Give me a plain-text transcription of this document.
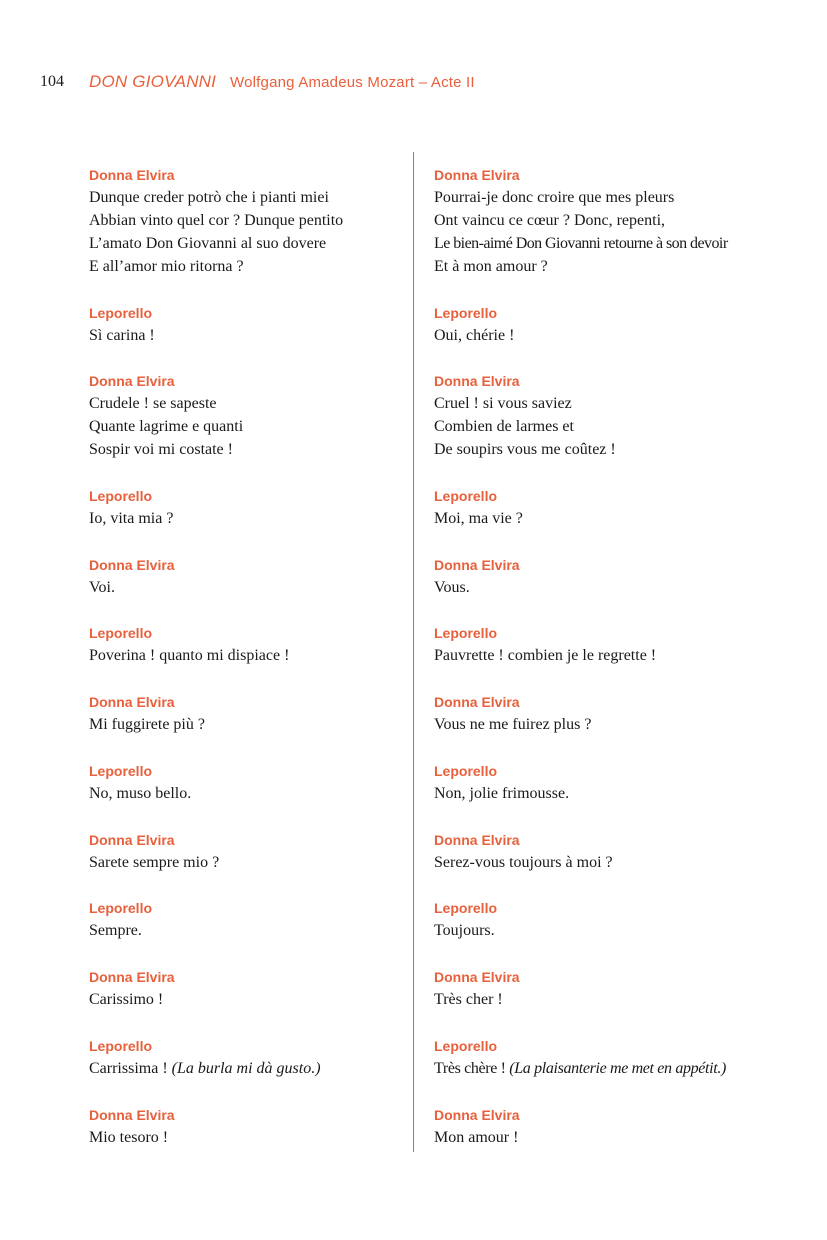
104 DON GIOVANNI Wolfgang Amadeus Mozart – Acte II
Donna Elvira
Dunque creder potrò che i pianti miei
Abbian vinto quel cor ? Dunque pentito
L’amato Don Giovanni al suo dovere
E all’amor mio ritorna ?
Leporello
Sì carina !
Donna Elvira
Crudele ! se sapeste
Quante lagrime e quanti
Sospir voi mi costate !
Leporello
Io, vita mia ?
Donna Elvira
Voi.
Leporello
Poverina ! quanto mi dispiace !
Donna Elvira
Mi fuggirete più ?
Leporello
No, muso bello.
Donna Elvira
Sarete sempre mio ?
Leporello
Sempre.
Donna Elvira
Carissimo !
Leporello
Carrissima ! (La burla mi dà gusto.)
Donna Elvira
Mio tesoro !
Donna Elvira
Pourrai-je donc croire que mes pleurs
Ont vaincu ce cœur ? Donc, repenti,
Le bien-aimé Don Giovanni retourne à son devoir
Et à mon amour ?
Leporello
Oui, chérie !
Donna Elvira
Cruel ! si vous saviez
Combien de larmes et
De soupirs vous me coûtez !
Leporello
Moi, ma vie ?
Donna Elvira
Vous.
Leporello
Pauvrette ! combien je le regrette !
Donna Elvira
Vous ne me fuirez plus ?
Leporello
Non, jolie frimousse.
Donna Elvira
Serez-vous toujours à moi ?
Leporello
Toujours.
Donna Elvira
Très cher !
Leporello
Très chère ! (La plaisanterie me met en appétit.)
Donna Elvira
Mon amour !
